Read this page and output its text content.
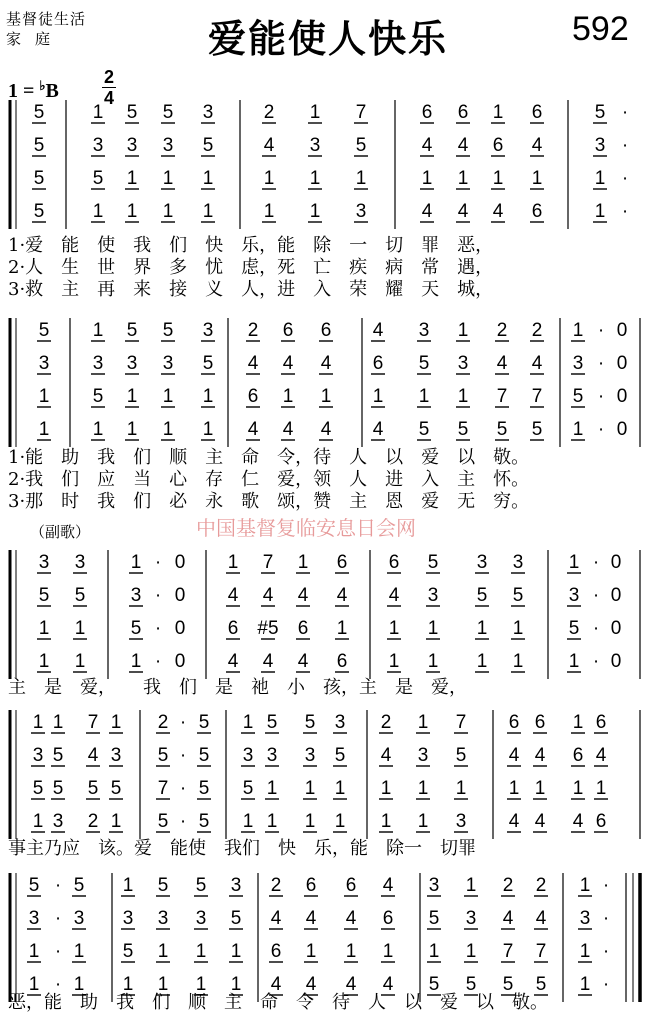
基督徒生活
家庭	爱能使人快乐	592
1 = ♭B
2
4
（副歌）	中国基督复临安息日会网
5	1 5 5 3	2 1 7	6 6 1 6	5 ·
5	3 3 3 5	4 3 5	4 4 6 4	3 ·
5	5 1 1 1	1 1 1	1 1 1 1	1 ·
5	1 1 1 1	1 1 3	4 4 4 6	1 ·
1·爱　能　使　我　们　快　乐，能　除　一　切　罪　恶，
2·人　生　世　界　多　忧　虑，死　亡　疾　病　常　遇，
3·救　主　再　来　接　义　人，进　入　荣　耀　天　城，
5 1 5 5 3 2 6 6 4 3 1 2 2 1 · 0
3 3 3 3 5 4 4 4 6 5 3 4 4 3 · 0
1 5 1 1 1 6 1 1 1 1 1 7 7 5 · 0
1 1 1 1 1 4 4 4 4 5 5 5 5 1 · 0
1·能　助　我　们　顺　主　命　令，待　人　以　爱　以　敬。
2·我　们　应　当　心　存　仁　爱，领　人　进　入　主　怀。
3·那　时　我　们　必　永　歌　颂，赞　主　恩　爱　无　穷。
3 3 1 · 0 1 7 1 6 6 5 3 3 1 · 0
5 5 3 · 0 4 4 4 4 4 3 5 5 3 · 0
1 1 5 · 0 6 #5 6 1 1 1 1 1 5 · 0
1 1 1 · 0 4 4 4 6 1 1 1 1 1 · 0
主　是　爱，　　我　们　是　祂　小　孩，主　是　爱，
1 1 7 1 2 · 5 1 5 5 3 2 1 7 6 6 1 6
3 5 4 3 5 · 5 3 3 3 5 4 3 5 4 4 6 4
5 5 5 5 7 · 5 5 1 1 1 1 1 1 1 1 1 1
1 3 2 1 5 · 5 1 1 1 1 1 1 3 4 4 4 6
事主乃应　该。爱　能使　我们　快　乐，能　除一　切罪
5 · 5 1 5 5 3 2 6 6 4 3 1 2 2 1 ·
3 · 3 3 3 3 5 4 4 4 6 5 3 4 4 3 ·
1 · 1 5 1 1 1 6 1 1 1 1 1 7 7 1 ·
1 · 1 1 1 1 1 4 4 4 4 5 5 5 5 1 ·
恶，能　助　我　们　顺　主　命　令　待　人　以　爱　以　敬。
